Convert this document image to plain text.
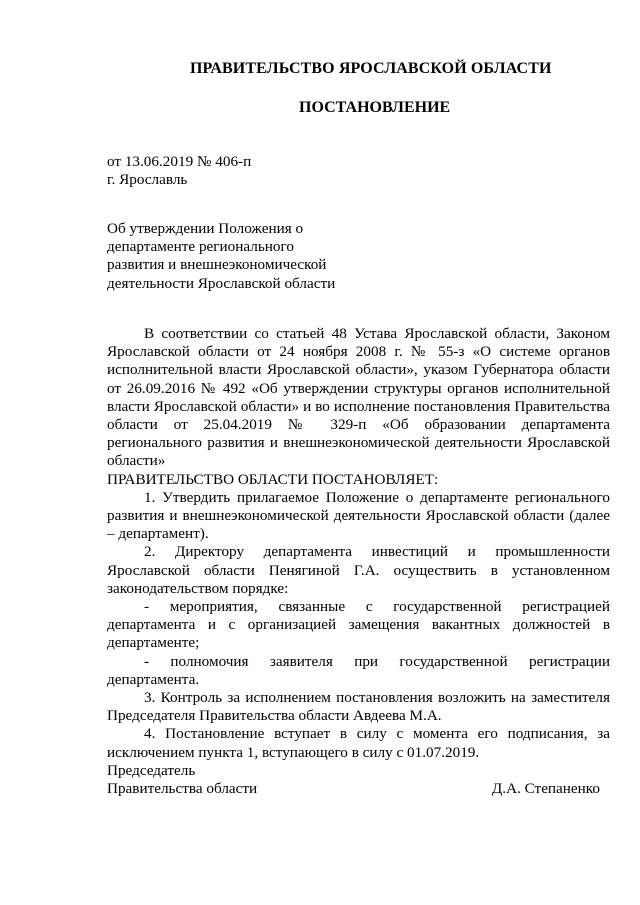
ПРАВИТЕЛЬСТВО ЯРОСЛАВСКОЙ ОБЛАСТИ
ПОСТАНОВЛЕНИЕ
от 13.06.2019 № 406-п
г. Ярославль
Об утверждении Положения о
департаменте регионального
развития и внешнеэкономической
деятельности Ярославской области

В соответствии со статьей 48 Устава Ярославской области, Законом Ярославской области от 24 ноября 2008 г. № 55-з «О системе органов исполнительной власти Ярославской области», указом Губернатора области от 26.09.2016 № 492 «Об утверждении структуры органов исполнительной власти Ярославской области» и во исполнение постановления Правительства области от 25.04.2019 № 329-п «Об образовании департамента регионального развития и внешнеэкономической деятельности Ярославской области»

ПРАВИТЕЛЬСТВО ОБЛАСТИ ПОСТАНОВЛЯЕТ:

1. Утвердить прилагаемое Положение о департаменте регионального развития и внешнеэкономической деятельности Ярославской области (далее – департамент).

2. Директору департамента инвестиций и промышленности Ярославской области Пенягиной Г.А. осуществить в установленном законодательством порядке:

- мероприятия, связанные с государственной регистрацией департамента и с организацией замещения вакантных должностей в департаменте;

- полномочия заявителя при государственной регистрации департамента.

3. Контроль за исполнением постановления возложить на заместителя Председателя Правительства области Авдеева М.А.

4. Постановление вступает в силу с момента его подписания, за исключением пункта 1, вступающего в силу с 01.07.2019.

Председатель
Правительства области	Д.А. Степаненко
